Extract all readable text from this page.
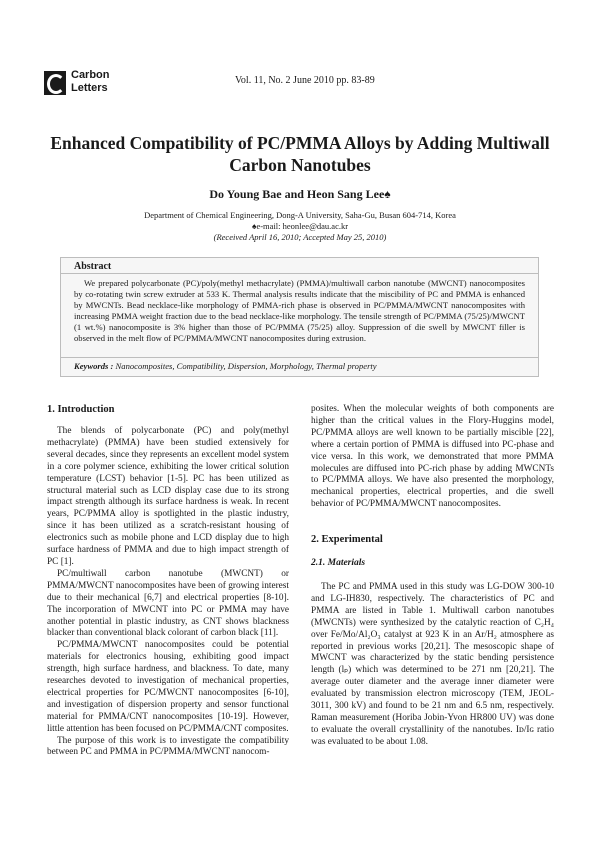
Carbon
Letters
Vol. 11, No. 2 June 2010 pp. 83-89
Enhanced Compatibility of PC/PMMA Alloys by Adding Multiwall
Carbon Nanotubes
Do Young Bae and Heon Sang Lee♠
Department of Chemical Engineering, Dong-A University, Saha-Gu, Busan 604-714, Korea
♠e-mail: heonlee@dau.ac.kr
(Received April 16, 2010; Accepted May 25, 2010)
Abstract
We prepared polycarbonate (PC)/poly(methyl methacrylate) (PMMA)/multiwall carbon nanotube (MWCNT) nanocomposites by co-rotating twin screw extruder at 533 K. Thermal analysis results indicate that the miscibility of PC and PMMA is enhanced by MWCNTs. Bead necklace-like morphology of PMMA-rich phase is observed in PC/PMMA/MWCNT nanocomposites with increasing PMMA weight fraction due to the bead necklace-like morphology. The tensile strength of PC/PMMA (75/25)/MWCNT (1 wt.%) nanocomposite is 3% higher than those of PC/PMMA (75/25) alloy. Suppression of die swell by MWCNT filler is observed in the melt flow of PC/PMMA/MWCNT nanocomposites during extrusion.
Keywords : Nanocomposites, Compatibility, Dispersion, Morphology, Thermal property
1. Introduction

The blends of polycarbonate (PC) and poly(methyl methacrylate) (PMMA) have been studied extensively for several decades, since they represents an excellent model system in a core polymer science, exhibiting the lower critical solution temperature (LCST) behavior [1-5]. PC has been utilized as structural material such as LCD display case due to its strong impact strength although its surface hardness is weak. In recent years, PC/PMMA alloy is spotlighted in the plastic industry, since it has been utilized as a scratch-resistant housing of electronics such as mobile phone and LCD display due to high surface hardness of PMMA and due to high impact strength of PC [1].

PC/multiwall carbon nanotube (MWCNT) or PMMA/MWCNT nanocomposites have been of growing interest due to their mechanical [6,7] and electrical properties [8-10]. The incorporation of MWCNT into PC or PMMA may have another potential in plastic industry, as CNT shows blackness blacker than conventional black colorant of carbon black [11].

PC/PMMA/MWCNT nanocomposites could be potential materials for electronics housing, exhibiting good impact strength, high surface hardness, and blackness. To date, many researches devoted to investigation of mechanical properties, electrical properties for PC/MWCNT nanocomposites [6-10], and investigation of dispersion property and sensor functional material for PMMA/CNT nanocomposites [10-19]. However, little attention has been focused on PC/PMMA/CNT composites.

The purpose of this work is to investigate the compatibility between PC and PMMA in PC/PMMA/MWCNT nanocom-

posites. When the molecular weights of both components are higher than the critical values in the Flory-Huggins model, PC/PMMA alloys are well known to be partially miscible [22], where a certain portion of PMMA is diffused into PC-phase and vice versa. In this work, we demonstrated that more PMMA molecules are diffused into PC-rich phase by adding MWCNTs to PC/PMMA alloys. We have also presented the morphology, mechanical properties, electrical properties, and die swell behavior of PC/PMMA/MWCNT nanocomposites.

2. Experimental
2.1. Materials

The PC and PMMA used in this study was LG-DOW 300-10 and LG-IH830, respectively. The characteristics of PC and PMMA are listed in Table 1. Multiwall carbon nanotubes (MWCNTs) were synthesized by the catalytic reaction of C₂H₄ over Fe/Mo/Al₂O₃ catalyst at 923 K in an Ar/H₂ atmosphere as reported in previous works [20,21]. The mesoscopic shape of MWCNT was characterized by the static bending persistence length (lₚ) which was determined to be 271 nm [20,21]. The average outer diameter and the average inner diameter were evaluated by transmission electron microscopy (TEM, JEOL-3011, 300 kV) and found to be 21 nm and 6.5 nm, respectively. Raman measurement (Horiba Jobin-Yvon HR800 UV) was done to evaluate the overall crystallinity of the nanotubes. Iᴅ/Iɢ ratio was evaluated to be about 1.08.
